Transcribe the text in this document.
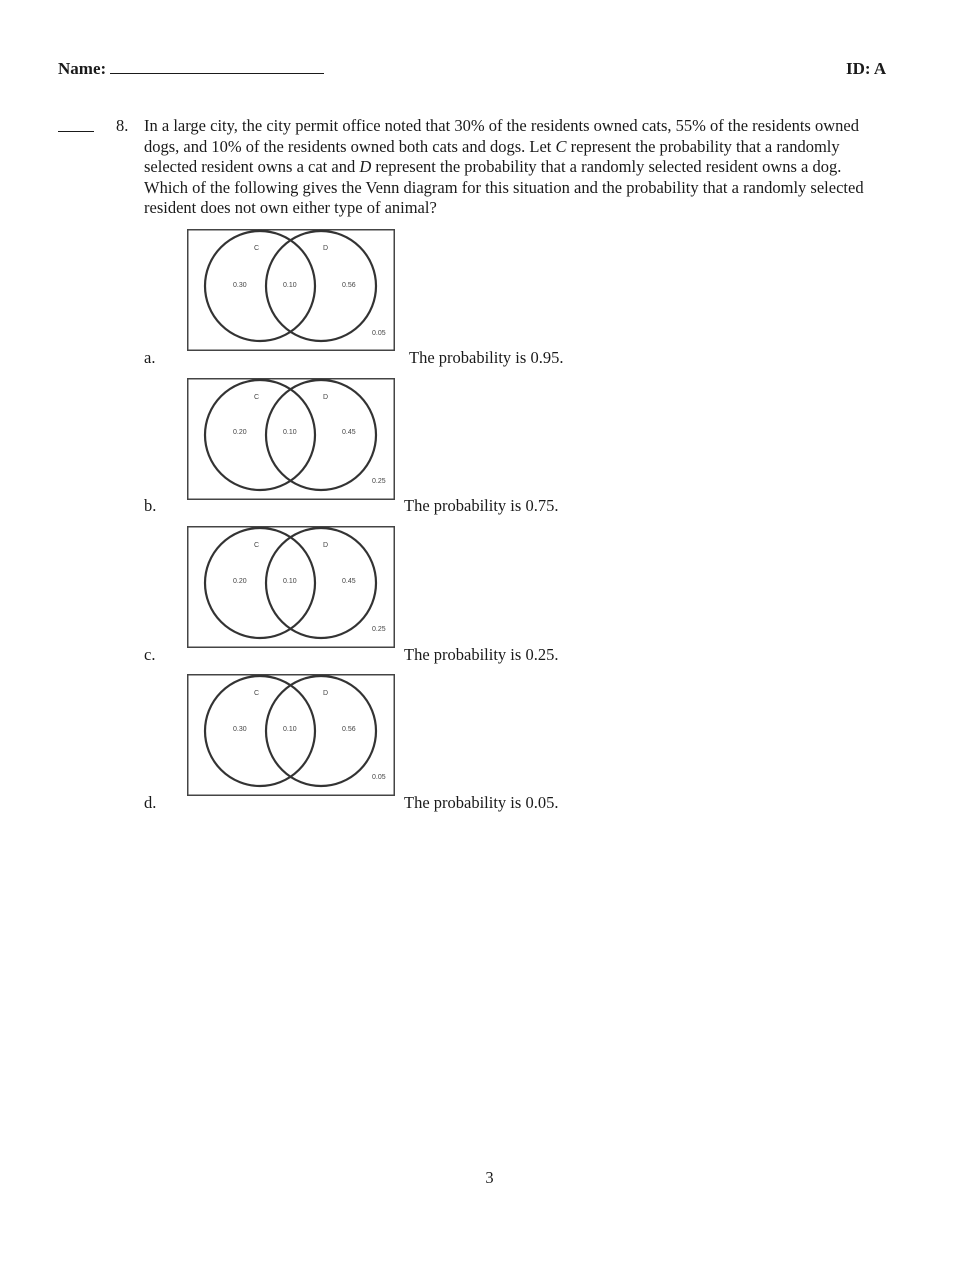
Name:	ID: A
8. In a large city, the city permit office noted that 30% of the residents owned cats, 55% of the residents owned
dogs, and 10% of the residents owned both cats and dogs. Let C represent the probability that a randomly
selected resident owns a cat and D represent the probability that a randomly selected resident owns a dog.
Which of the following gives the Venn diagram for this situation and the probability that a randomly selected
resident does not own either type of animal?
C	D
0.30	0.10	0.56
0.05
a.	The probability is 0.95.
C	D
0.20	0.10	0.45
0.25
b.	The probability is 0.75.
C	D
0.20	0.10	0.45
0.25
c.	The probability is 0.25.
C	D
0.30	0.10	0.56
0.05
d.	The probability is 0.05.
3
